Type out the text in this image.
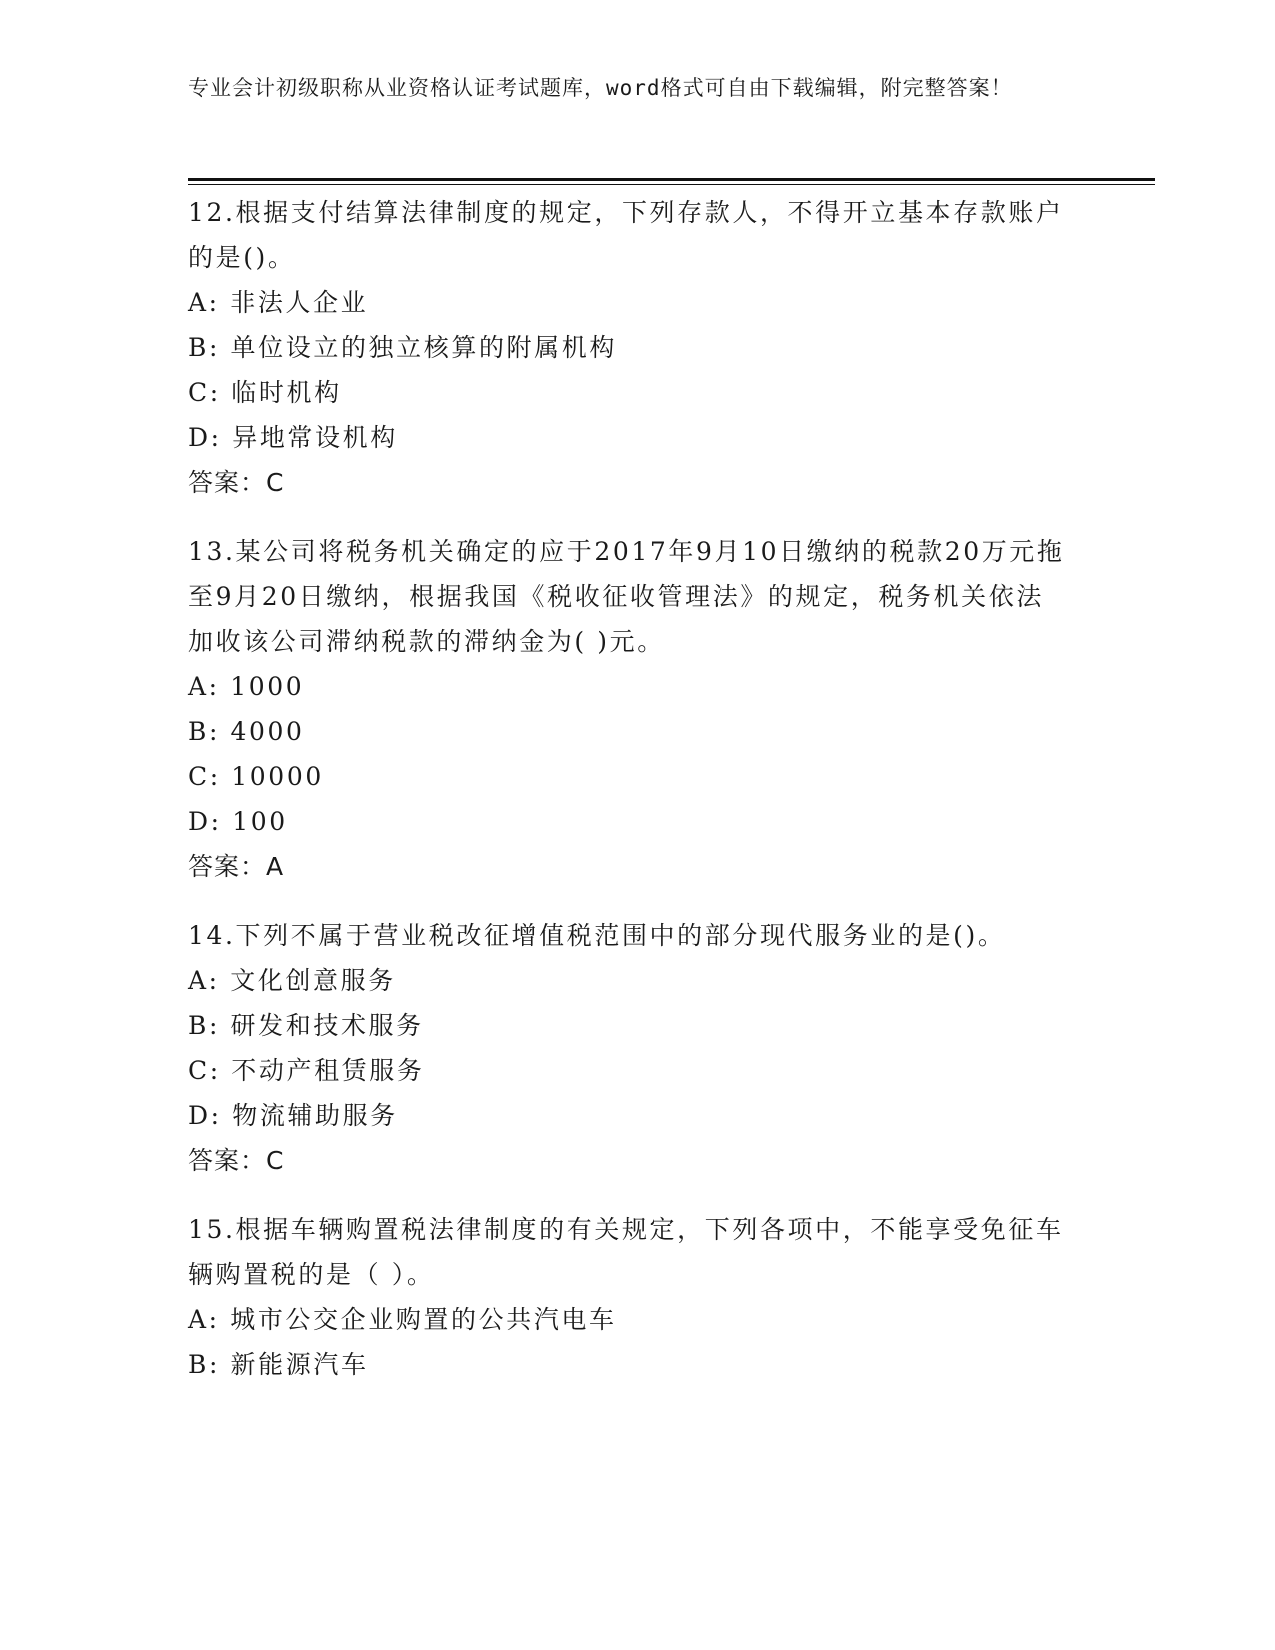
专业会计初级职称从业资格认证考试题库，word格式可自由下载编辑，附完整答案！
12.根据支付结算法律制度的规定，下列存款人，不得开立基本存款账户的是()。
A: 非法人企业
B: 单位设立的独立核算的附属机构
C: 临时机构
D: 异地常设机构
答案：C
13.某公司将税务机关确定的应于2017年9月10日缴纳的税款20万元拖至9月20日缴纳，根据我国《税收征收管理法》的规定，税务机关依法加收该公司滞纳税款的滞纳金为( )元。
A: 1000
B: 4000
C: 10000
D: 100
答案：A
14.下列不属于营业税改征增值税范围中的部分现代服务业的是()。
A: 文化创意服务
B: 研发和技术服务
C: 不动产租赁服务
D: 物流辅助服务
答案：C
15.根据车辆购置税法律制度的有关规定，下列各项中，不能享受免征车辆购置税的是（ ）。
A: 城市公交企业购置的公共汽电车
B: 新能源汽车
